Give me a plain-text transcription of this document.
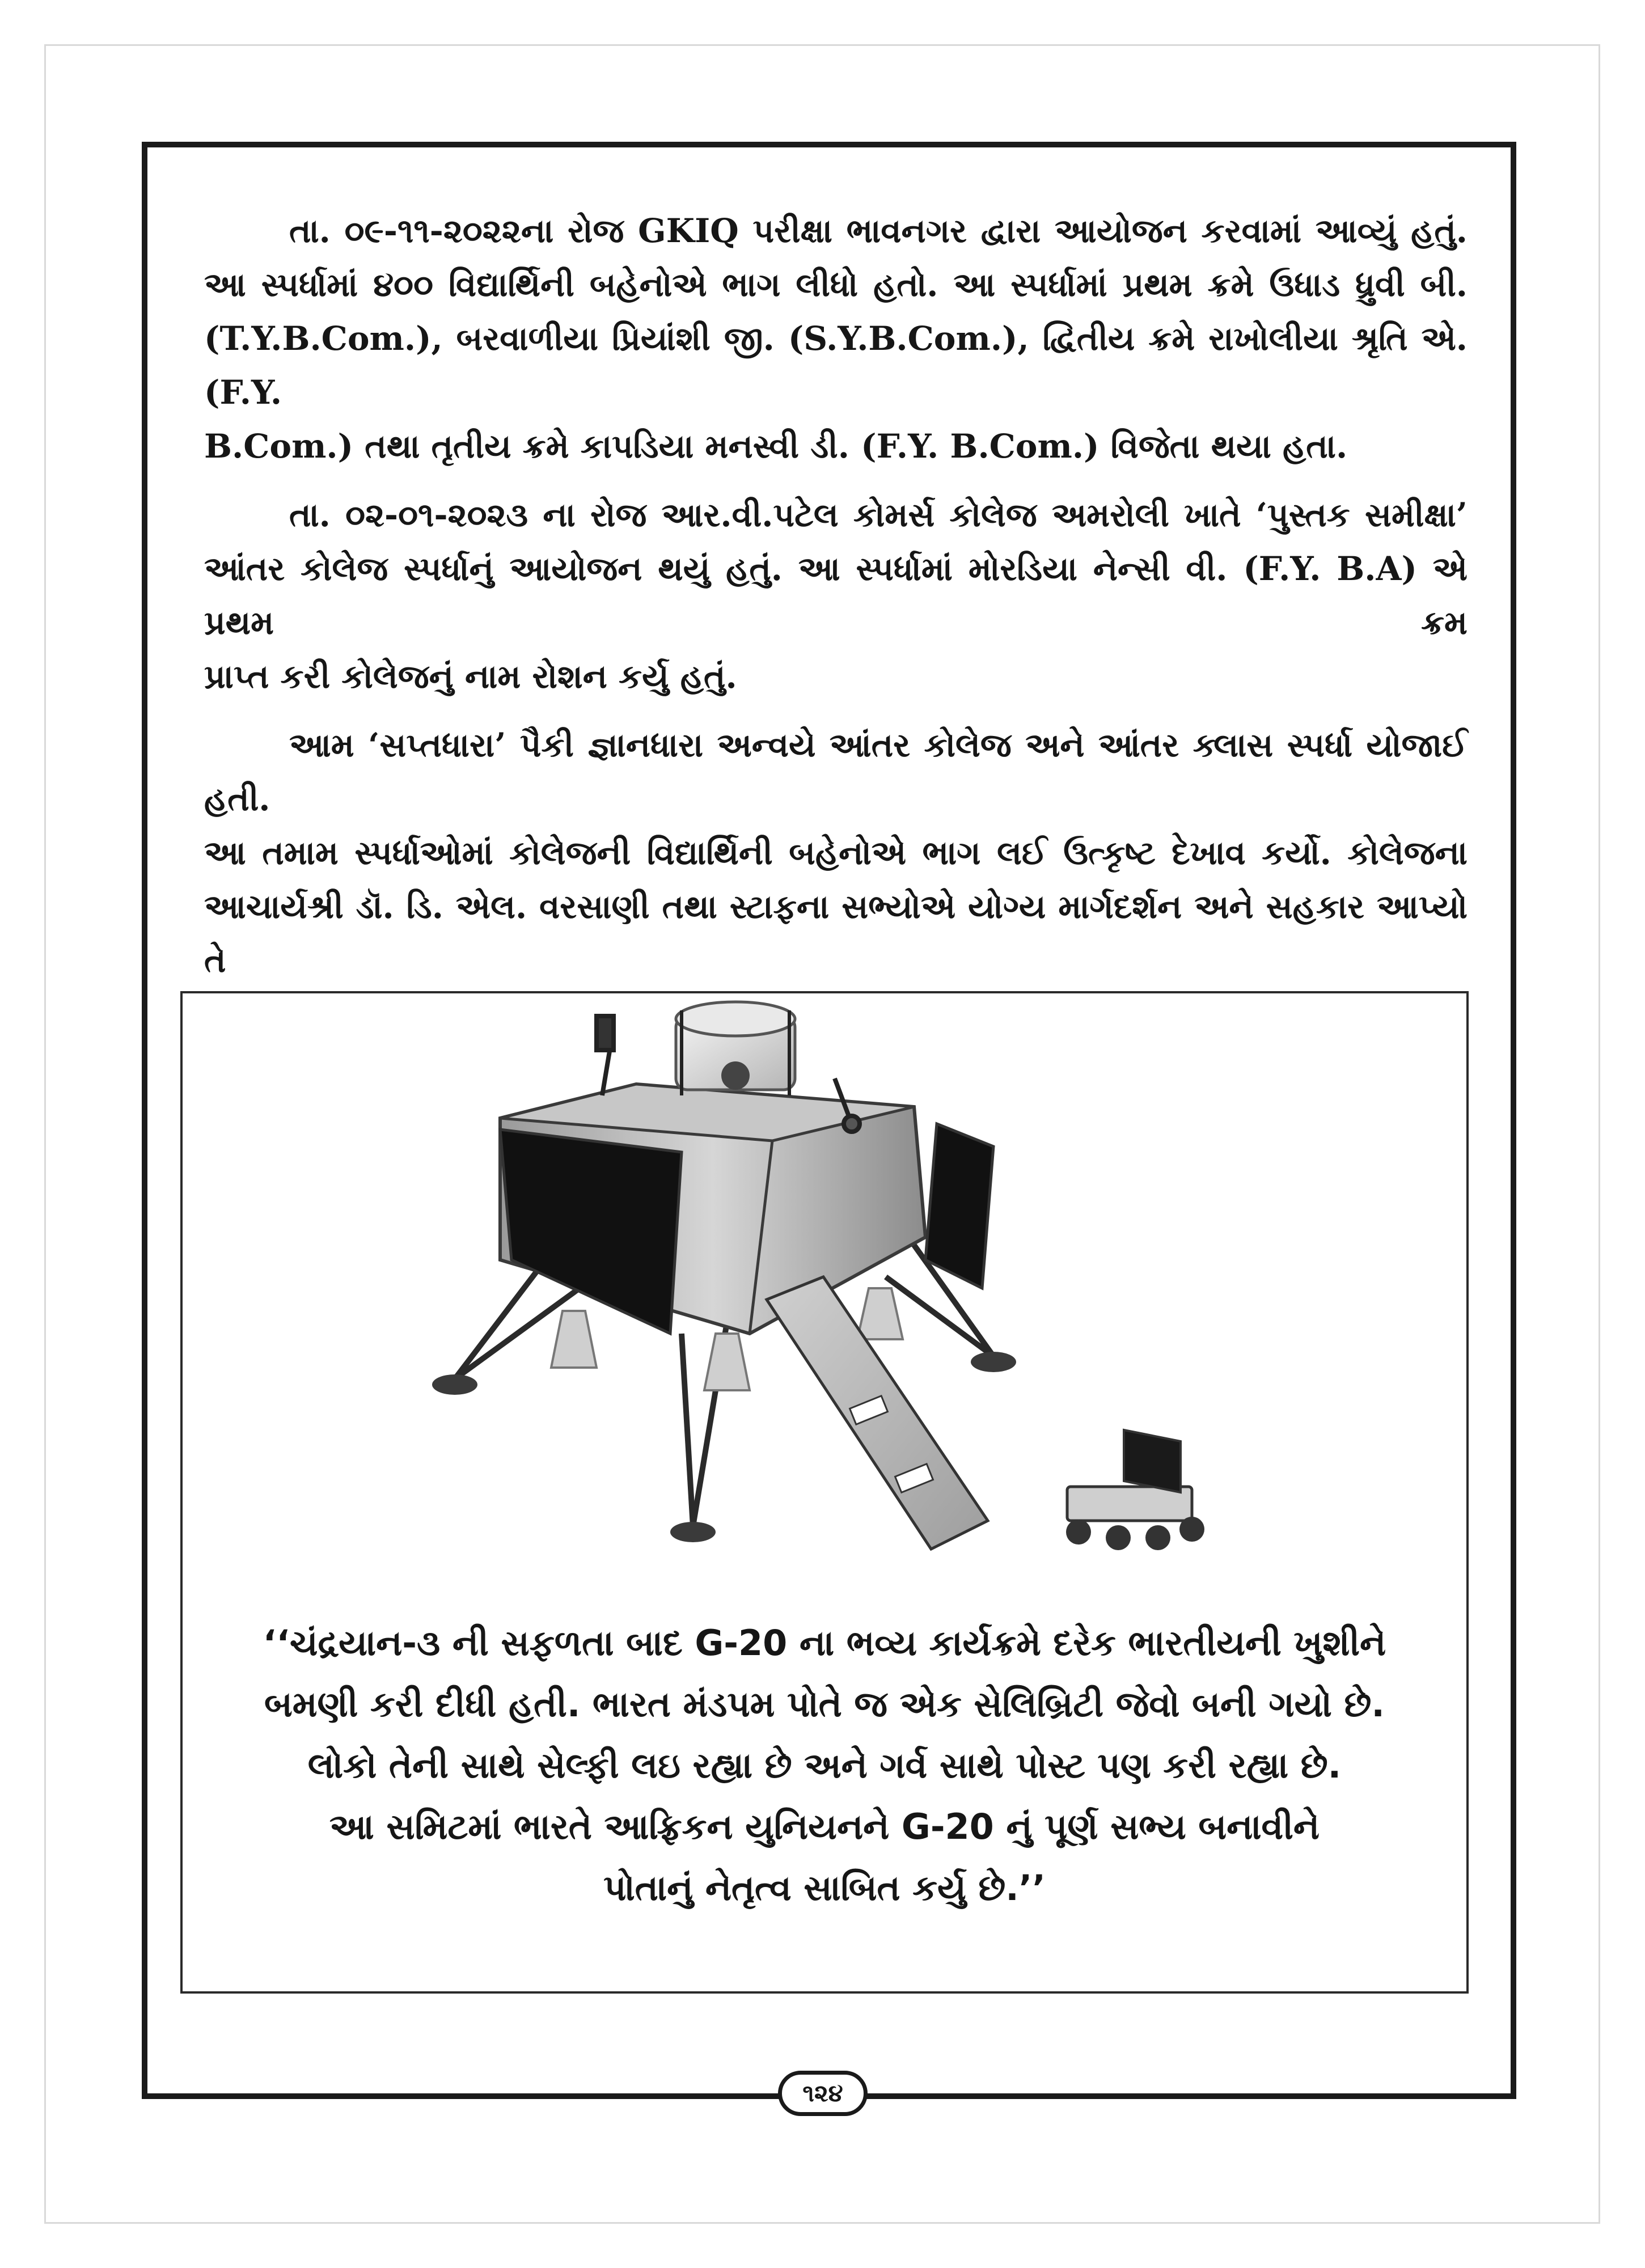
તા. ૦૯-૧૧-૨૦૨૨ના રોજ GKIQ પરીક્ષા ભાવનગર દ્વારા આયોજન કરવામાં આવ્યું હતું.
આ સ્પર્ધામાં ૪૦૦ વિદ્યાર્થિની બહેનોએ ભાગ લીધો હતો. આ સ્પર્ધામાં પ્રથમ ક્રમે ઉધાડ ધ્રુવી બી.
(T.Y.B.Com.), બરવાળીયા પ્રિયાંશી જી. (S.Y.B.Com.), દ્વિતીય ક્રમે રાખોલીયા શ્રૃતિ એ. (F.Y.
B.Com.) તથા તૃતીય ક્રમે કાપડિયા મનસ્વી ડી. (F.Y. B.Com.) વિજેતા થયા હતા.

તા. ૦૨-૦૧-૨૦૨૩ ના રોજ આર.વી.પટેલ કોમર્સ કોલેજ અમરોલી ખાતે ‘પુસ્તક સમીક્ષા’
આંતર કોલેજ સ્પર્ધાનું આયોજન થયું હતું. આ સ્પર્ધામાં મોરડિયા નેન્સી વી. (F.Y. B.A) એ પ્રથમ ક્રમ
પ્રાપ્ત કરી કોલેજનું નામ રોશન કર્યુ હતું.

આમ ‘સપ્તધારા’ પૈકી જ્ઞાનધારા અન્વયે આંતર કોલેજ અને આંતર ક્લાસ સ્પર્ધા યોજાઈ હતી.
આ તમામ સ્પર્ધાઓમાં કોલેજની વિદ્યાર્થિની બહેનોએ ભાગ લઈ ઉત્કૃષ્ટ દેખાવ કર્યો. કોલેજના
આચાર્યશ્રી ડૉ. ડિ. એલ. વરસાણી તથા સ્ટાફના સભ્યોએ યોગ્ય માર્ગદર્શન અને સહકાર આપ્યો તે

‘‘ચંદ્રયાન-૩ ની સફળતા બાદ G-20 ના ભવ્ય કાર્યક્રમે દરેક ભારતીયની ખુશીને
બમણી કરી દીધી હતી. ભારત મંડપમ પોતે જ એક સેલિબ્રિટી જેવો બની ગયો છે.
લોકો તેની સાથે સેલ્ફી લઇ રહ્યા છે અને ગર્વ સાથે પોસ્ટ પણ કરી રહ્યા છે.
આ સમિટમાં ભારતે આફ્રિકન યુનિયનને G-20 નું પૂર્ણ સભ્ય બનાવીને
પોતાનું નેતૃત્વ સાબિત કર્યુ છે.’’
૧૨૪
